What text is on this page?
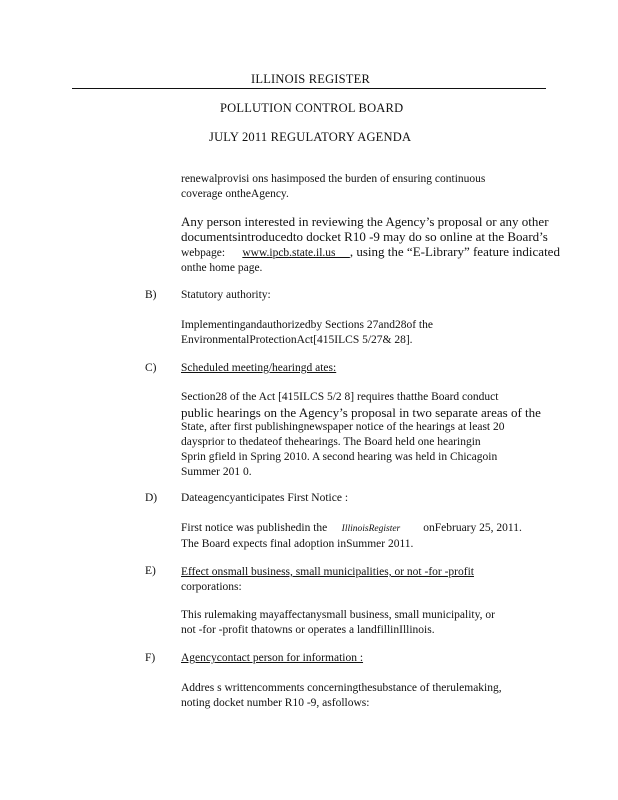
ILLINOIS REGISTER
POLLUTION CONTROL BOARD
JULY 2011 REGULATORY AGENDA
renewalprovisi ons hasimposed the burden of ensuring continuous
coverage ontheAgency.
Any person interested in reviewing the Agency’s proposal or any other
documentsintroducedto docket R10 -9 may do so online at the Board’s
webpage: www.ipcb.state.il.us , using the “E-Library” feature indicated
onthe home page.
B) Statutory authority:
Implementingandauthorizedby Sections 27and28of the
EnvironmentalProtectionAct[415ILCS 5/27& 28].
C) Scheduled meeting/hearingd ates:
Section28 of the Act [415ILCS 5/2 8] requires thatthe Board conduct
public hearings on the Agency’s proposal in two separate areas of the
State, after first publishingnewspaper notice of the hearings at least 20
daysprior to thedateof thehearings. The Board held one hearingin
Sprin gfield in Spring 2010. A second hearing was held in Chicagoin
Summer 201 0.
D) Dateagencyanticipates First Notice :
First notice was publishedin the IllinoisRegister onFebruary 25, 2011.
The Board expects final adoption inSummer 2011.
E) Effect onsmall business, small municipalities, or not -for -profit
corporations:
This rulemaking mayaffectanysmall business, small municipality, or
not -for -profit thatowns or operates a landfillinIllinois.
F) Agencycontact person for information :
Addres s writtencomments concerningthesubstance of therulemaking,
noting docket number R10 -9, asfollows:
